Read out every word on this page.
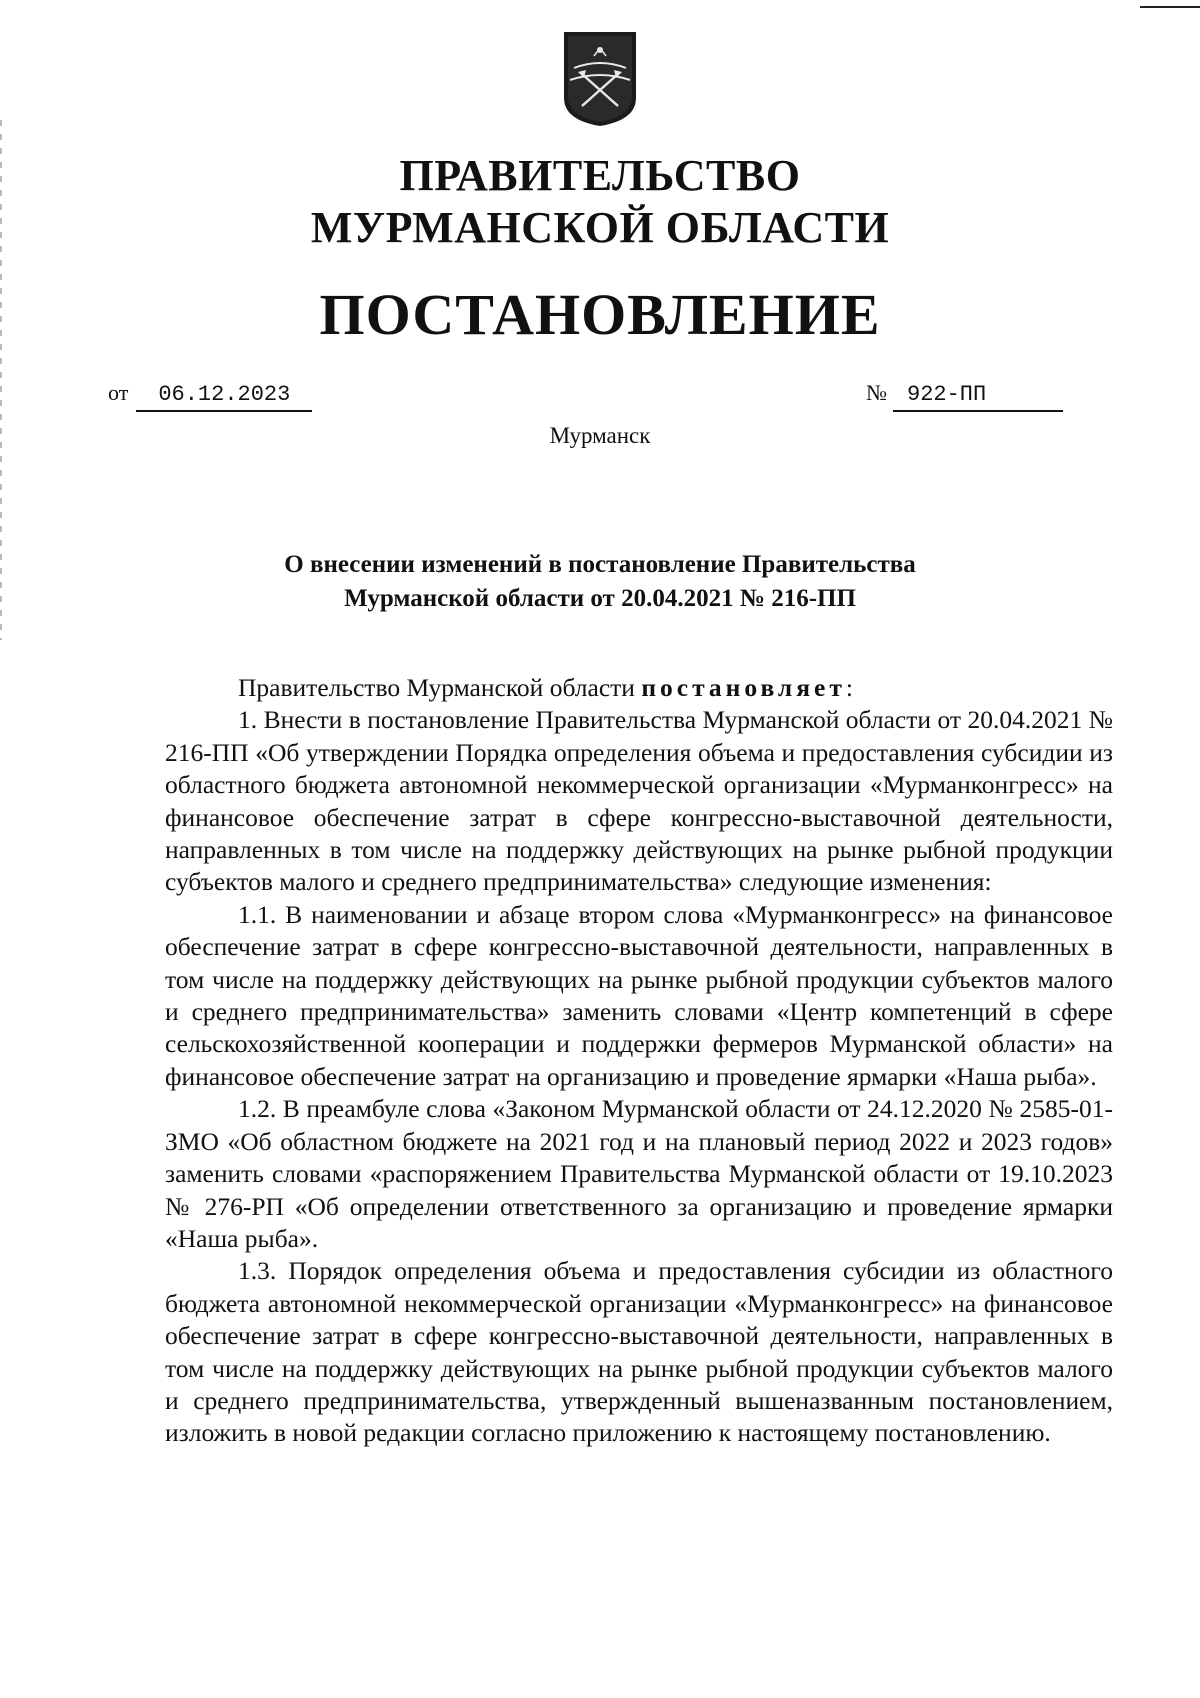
ПРАВИТЕЛЬСТВО
МУРМАНСКОЙ ОБЛАСТИ
ПОСТАНОВЛЕНИЕ
от 06.12.2023	№ 922-ПП
Мурманск
О внесении изменений в постановление Правительства
Мурманской области от 20.04.2021 № 216-ПП

Правительство Мурманской области постановляет:

1. Внести в постановление Правительства Мурманской области от 20.04.2021 № 216-ПП «Об утверждении Порядка определения объема и предоставления субсидии из областного бюджета автономной некоммерческой организации «Мурманконгресс» на финансовое обеспечение затрат в сфере конгрессно-выставочной деятельности, направленных в том числе на поддержку действующих на рынке рыбной продукции субъектов малого и среднего предпринимательства» следующие изменения:

1.1. В наименовании и абзаце втором слова «Мурманконгресс» на финансовое обеспечение затрат в сфере конгрессно-выставочной деятельности, направленных в том числе на поддержку действующих на рынке рыбной продукции субъектов малого и среднего предпринимательства» заменить словами «Центр компетенций в сфере сельскохозяйственной кооперации и поддержки фермеров Мурманской области» на финансовое обеспечение затрат на организацию и проведение ярмарки «Наша рыба».

1.2. В преамбуле слова «Законом Мурманской области от 24.12.2020 № 2585-01-ЗМО «Об областном бюджете на 2021 год и на плановый период 2022 и 2023 годов» заменить словами «распоряжением Правительства Мурманской области от 19.10.2023 № 276-РП «Об определении ответственного за организацию и проведение ярмарки «Наша рыба».

1.3. Порядок определения объема и предоставления субсидии из областного бюджета автономной некоммерческой организации «Мурманконгресс» на финансовое обеспечение затрат в сфере конгрессно-выставочной деятельности, направленных в том числе на поддержку действующих на рынке рыбной продукции субъектов малого и среднего предпринимательства, утвержденный вышеназванным постановлением, изложить в новой редакции согласно приложению к настоящему постановлению.
